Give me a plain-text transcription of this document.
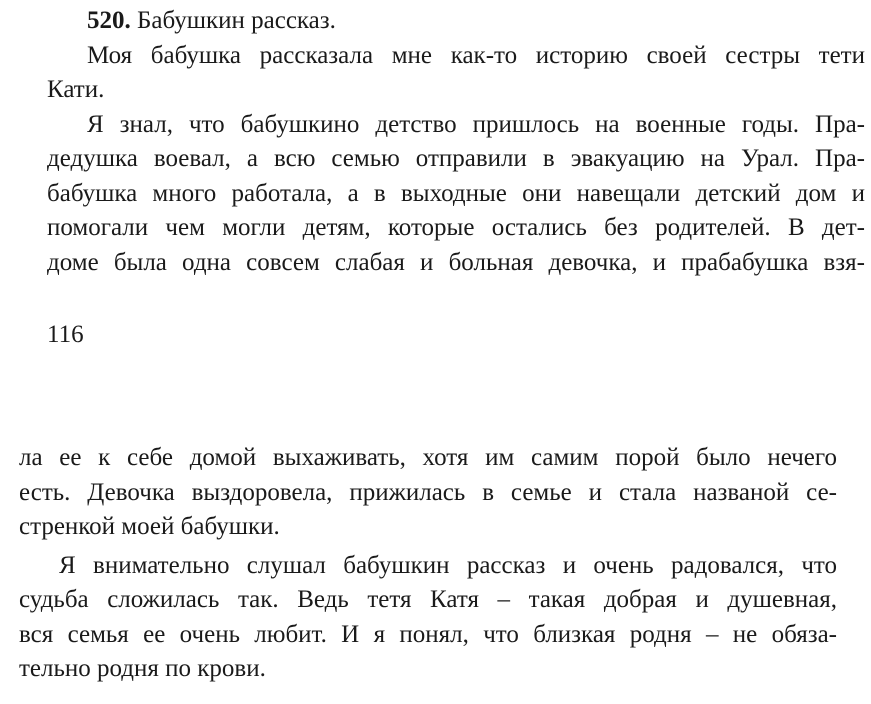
520. Бабушкин рассказ.
Моя бабушка рассказала мне как-то историю своей сестры тети
Кати.
Я знал, что бабушкино детство пришлось на военные годы. Пра-
дедушка воевал, а всю семью отправили в эвакуацию на Урал. Пра-
бабушка много работала, а в выходные они навещали детский дом и
помогали чем могли детям, которые остались без родителей. В дет-
доме была одна совсем слабая и больная девочка, и прабабушка взя-
116
ла ее к себе домой выхаживать, хотя им самим порой было нечего
есть. Девочка выздоровела, прижилась в семье и стала названой се-
стренкой моей бабушки.
Я внимательно слушал бабушкин рассказ и очень радовался, что
судьба сложилась так. Ведь тетя Катя – такая добрая и душевная,
вся семья ее очень любит. И я понял, что близкая родня – не обяза-
тельно родня по крови.
